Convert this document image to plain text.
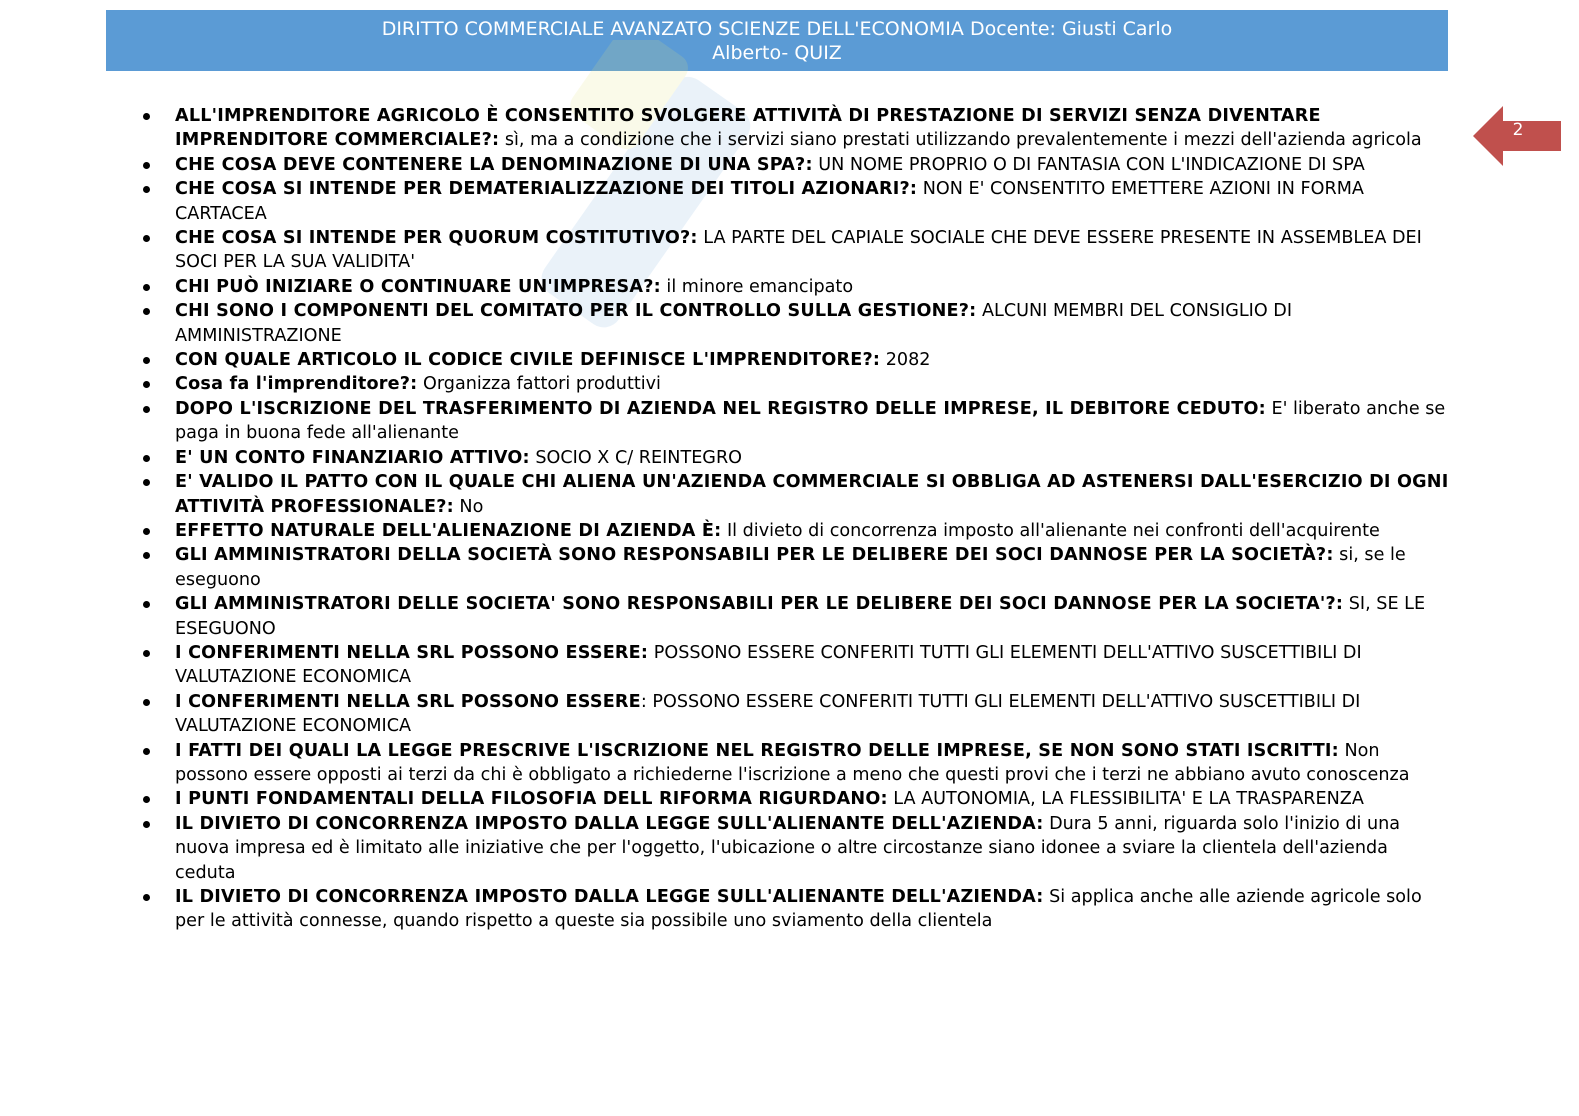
DIRITTO COMMERCIALE AVANZATO SCIENZE DELL'ECONOMIA Docente: Giusti Carlo
Alberto- QUIZ
2
ALL'IMPRENDITORE AGRICOLO È CONSENTITO SVOLGERE ATTIVITÀ DI PRESTAZIONE DI SERVIZI SENZA DIVENTARE IMPRENDITORE COMMERCIALE?: sì, ma a condizione che i servizi siano prestati utilizzando prevalentemente i mezzi dell'azienda agricola
CHE COSA DEVE CONTENERE LA DENOMINAZIONE DI UNA SPA?: UN NOME PROPRIO O DI FANTASIA CON L'INDICAZIONE DI SPA
CHE COSA SI INTENDE PER DEMATERIALIZZAZIONE DEI TITOLI AZIONARI?: NON E' CONSENTITO EMETTERE AZIONI IN FORMA CARTACEA
CHE COSA SI INTENDE PER QUORUM COSTITUTIVO?: LA PARTE DEL CAPIALE SOCIALE CHE DEVE ESSERE PRESENTE IN ASSEMBLEA DEI SOCI PER LA SUA VALIDITA'
CHI PUÒ INIZIARE O CONTINUARE UN'IMPRESA?: il minore emancipato
CHI SONO I COMPONENTI DEL COMITATO PER IL CONTROLLO SULLA GESTIONE?: ALCUNI MEMBRI DEL CONSIGLIO DI AMMINISTRAZIONE
CON QUALE ARTICOLO IL CODICE CIVILE DEFINISCE L'IMPRENDITORE?: 2082
Cosa fa l'imprenditore?: Organizza fattori produttivi
DOPO L'ISCRIZIONE DEL TRASFERIMENTO DI AZIENDA NEL REGISTRO DELLE IMPRESE, IL DEBITORE CEDUTO: E' liberato anche se paga in buona fede all'alienante
E' UN CONTO FINANZIARIO ATTIVO: SOCIO X C/ REINTEGRO
E' VALIDO IL PATTO CON IL QUALE CHI ALIENA UN'AZIENDA COMMERCIALE SI OBBLIGA AD ASTENERSI DALL'ESERCIZIO DI OGNI ATTIVITÀ PROFESSIONALE?: No
EFFETTO NATURALE DELL'ALIENAZIONE DI AZIENDA È: Il divieto di concorrenza imposto all'alienante nei confronti dell'acquirente
GLI AMMINISTRATORI DELLA SOCIETÀ SONO RESPONSABILI PER LE DELIBERE DEI SOCI DANNOSE PER LA SOCIETÀ?: si, se le eseguono
GLI AMMINISTRATORI DELLE SOCIETA' SONO RESPONSABILI PER LE DELIBERE DEI SOCI DANNOSE PER LA SOCIETA'?: SI, SE LE ESEGUONO
I CONFERIMENTI NELLA SRL POSSONO ESSERE: POSSONO ESSERE CONFERITI TUTTI GLI ELEMENTI DELL'ATTIVO SUSCETTIBILI DI VALUTAZIONE ECONOMICA
I CONFERIMENTI NELLA SRL POSSONO ESSERE: POSSONO ESSERE CONFERITI TUTTI GLI ELEMENTI DELL'ATTIVO SUSCETTIBILI DI VALUTAZIONE ECONOMICA
I FATTI DEI QUALI LA LEGGE PRESCRIVE L'ISCRIZIONE NEL REGISTRO DELLE IMPRESE, SE NON SONO STATI ISCRITTI: Non possono essere opposti ai terzi da chi è obbligato a richiederne l'iscrizione a meno che questi provi che i terzi ne abbiano avuto conoscenza
I PUNTI FONDAMENTALI DELLA FILOSOFIA DELL RIFORMA RIGURDANO: LA AUTONOMIA, LA FLESSIBILITA' E LA TRASPARENZA
IL DIVIETO DI CONCORRENZA IMPOSTO DALLA LEGGE SULL'ALIENANTE DELL'AZIENDA: Dura 5 anni, riguarda solo l'inizio di una nuova impresa ed è limitato alle iniziative che per l'oggetto, l'ubicazione o altre circostanze siano idonee a sviare la clientela dell'azienda ceduta
IL DIVIETO DI CONCORRENZA IMPOSTO DALLA LEGGE SULL'ALIENANTE DELL'AZIENDA: Si applica anche alle aziende agricole solo per le attività connesse, quando rispetto a queste sia possibile uno sviamento della clientela
